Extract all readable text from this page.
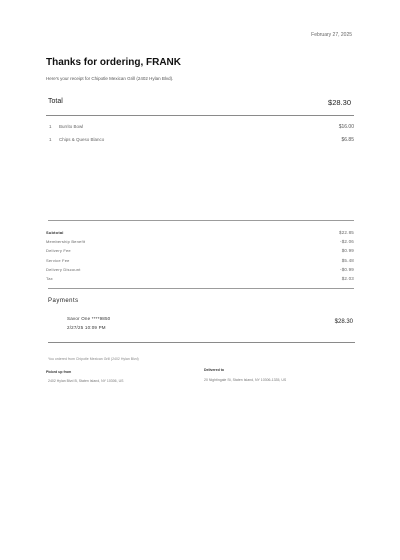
February 27, 2025
Thanks for ordering, FRANK
Here's your receipt for Chipotle Mexican Grill (2402 Hylan Blvd).
Total	$28.30
1 Burrito Bowl	$16.00
1 Chips & Queso Blanco	$6.85
Subtotal	$22.85
Membership Benefit	-$2.06
Delivery Fee	$0.99
Service Fee	$5.48
Delivery Discount	-$0.99
Tax	$2.03
Payments
Savor One ****9850
2/27/25 10:09 PM
$28.30
You ordered from Chipotle Mexican Grill (2402 Hylan Blvd)
Picked up from
2402 Hylan Blvd B, Staten Island, NY 10306, US
Delivered to
20 Nightingale St, Staten Island, NY 10306-1335, US
